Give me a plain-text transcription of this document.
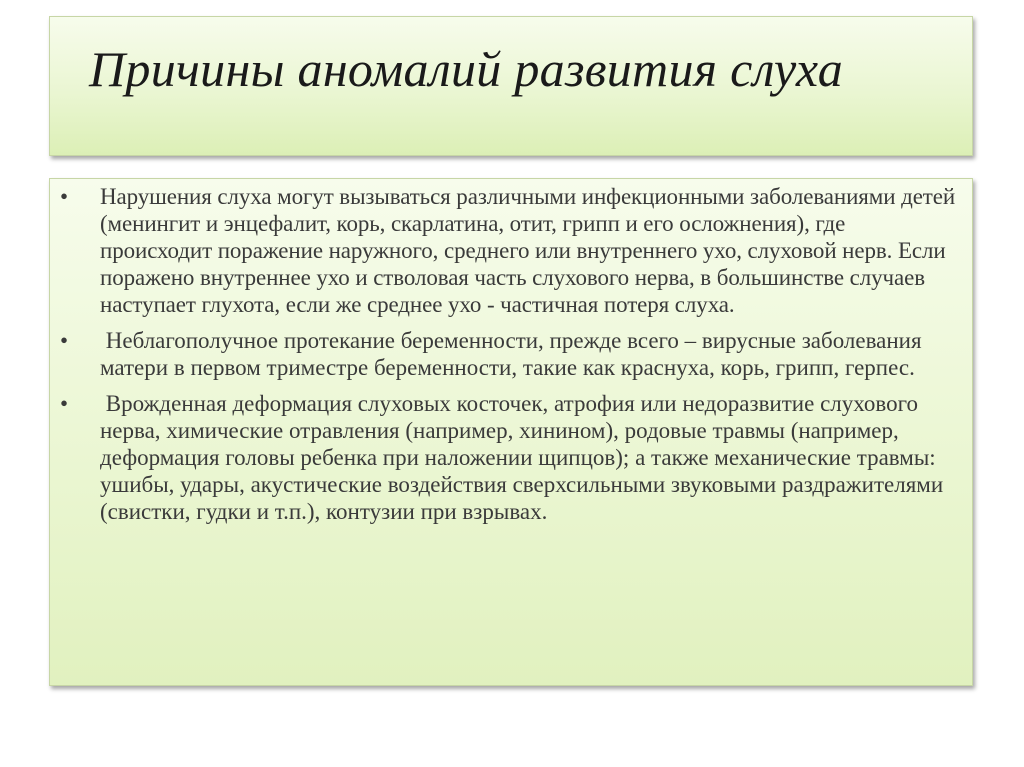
Причины аномалий развития слуха
• Нарушения слуха могут вызываться различными инфекционными заболеваниями детей (менингит и энцефалит, корь, скарлатина, отит, грипп и его осложнения), где происходит поражение наружного, среднего или внутреннего ухо, слуховой нерв. Если поражено внутреннее ухо и стволовая часть слухового нерва, в большинстве случаев наступает глухота, если же среднее ухо - частичная потеря слуха.
• Неблагополучное протекание беременности, прежде всего – вирусные заболевания матери в первом триместре беременности, такие как краснуха, корь, грипп, герпес.
• Врожденная деформация слуховых косточек, атрофия или недоразвитие слухового нерва, химические отравления (например, хинином), родовые травмы (например, деформация головы ребенка при наложении щипцов); а также механические травмы: ушибы, удары, акустические воздействия сверхсильными звуковыми раздражителями (свистки, гудки и т.п.), контузии при взрывах.
